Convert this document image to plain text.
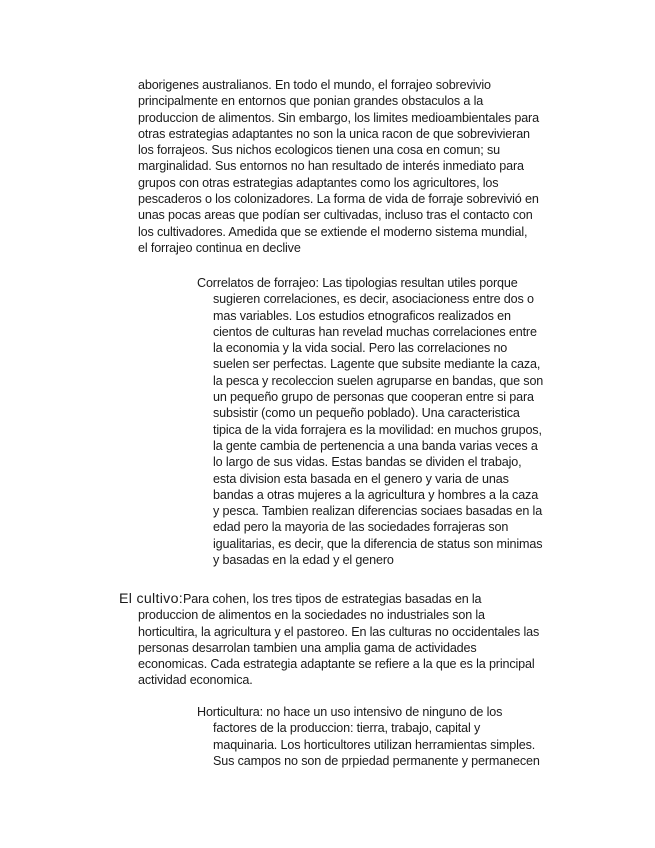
aborigenes australianos. En todo el mundo, el forrajeo sobrevivio
principalmente en entornos que ponian grandes obstaculos a la
produccion de alimentos. Sin embargo, los limites medioambientales para
otras estrategias adaptantes no son la unica racon de que sobrevivieran
los forrajeos. Sus nichos ecologicos tienen una cosa en comun; su
marginalidad. Sus entornos no han resultado de interés inmediato para
grupos con otras estrategias adaptantes como los agricultores, los
pescaderos o los colonizadores. La forma de vida de forraje sobrevivió en
unas pocas areas que podían ser cultivadas, incluso tras el contacto con
los cultivadores. Amedida que se extiende el moderno sistema mundial,
el forrajeo continua en declive
Correlatos de forrajeo: Las tipologias resultan utiles porque
sugieren correlaciones, es decir, asociacioness entre dos o
mas variables. Los estudios etnograficos realizados en
cientos de culturas han revelad muchas correlaciones entre
la economia y la vida social. Pero las correlaciones no
suelen ser perfectas. Lagente que subsite mediante la caza,
la pesca y recoleccion suelen agruparse en bandas, que son
un pequeño grupo de personas que cooperan entre si para
subsistir (como un pequeño poblado). Una caracteristica
tipica de la vida forrajera es la movilidad: en muchos grupos,
la gente cambia de pertenencia a una banda varias veces a
lo largo de sus vidas. Estas bandas se dividen el trabajo,
esta division esta basada en el genero y varia de unas
bandas a otras mujeres a la agricultura y hombres a la caza
y pesca. Tambien realizan diferencias sociaes basadas en la
edad pero la mayoria de las sociedades forrajeras son
igualitarias, es decir, que la diferencia de status son minimas
y basadas en la edad y el genero
El cultivo:Para cohen, los tres tipos de estrategias basadas en la
produccion de alimentos en la sociedades no industriales son la
horticultira, la agricultura y el pastoreo. En las culturas no occidentales las
personas desarrolan tambien una amplia gama de actividades
economicas. Cada estrategia adaptante se refiere a la que es la principal
actividad economica.
Horticultura: no hace un uso intensivo de ninguno de los
factores de la produccion: tierra, trabajo, capital y
maquinaria. Los horticultores utilizan herramientas simples.
Sus campos no son de prpiedad permanente y permanecen
